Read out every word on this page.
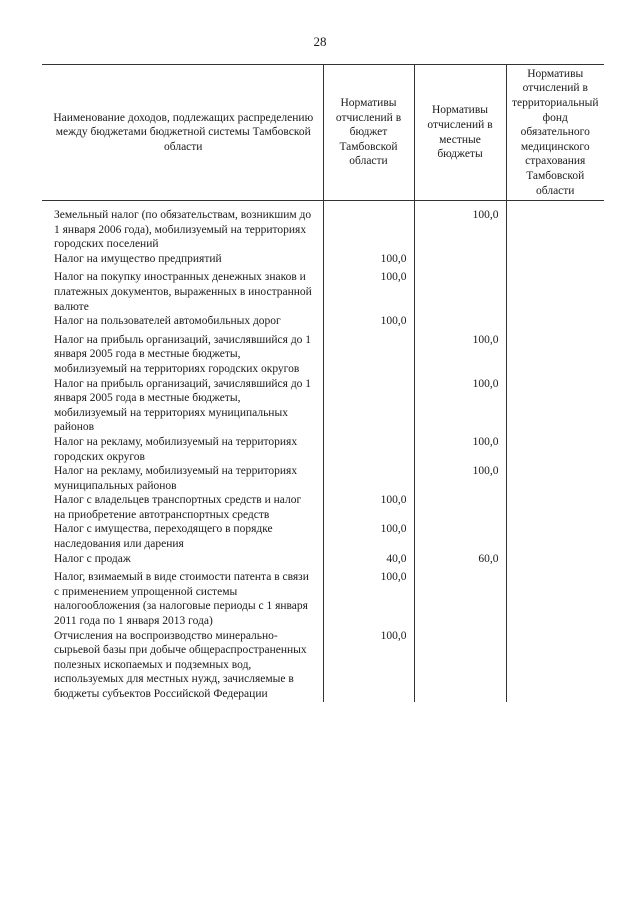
28
Наименование доходов, подлежащих распределению между бюджетами бюджетной системы Тамбовской области	Нормативы отчислений в бюджет Тамбовской области	Нормативы отчислений в местные бюджеты	Нормативы отчислений в территориальный фонд обязательного медицинского страхования Тамбовской области

Земельный налог (по обязательствам, возникшим до 1 января 2006 года), мобилизуемый на территориях городских поселений		100,0	

Налог на имущество предприятий	100,0		

Налог на покупку иностранных денежных знаков и платежных документов, выраженных в иностранной валюте	100,0		

Налог на пользователей автомобильных дорог	100,0		

Налог на прибыль организаций, зачислявшийся до 1 января 2005 года в местные бюджеты, мобилизуемый на территориях городских округов		100,0	

Налог на прибыль организаций, зачислявшийся до 1 января 2005 года в местные бюджеты, мобилизуемый на территориях муниципальных районов		100,0	

Налог на рекламу, мобилизуемый на территориях городских округов		100,0	

Налог на рекламу, мобилизуемый на территориях муниципальных районов		100,0	

Налог с владельцев транспортных средств и налог на приобретение автотранспортных средств	100,0		

Налог с имущества, переходящего в порядке наследования или дарения	100,0		

Налог с продаж	40,0	60,0	

Налог, взимаемый в виде стоимости патента в связи с применением упрощенной системы налогообложения (за налоговые периоды с 1 января 2011 года по 1 января 2013 года)	100,0		

Отчисления на воспроизводство минерально-сырьевой базы при добыче общераспространенных полезных ископаемых и подземных вод, используемых для местных нужд, зачисляемые в бюджеты субъектов Российской Федерации	100,0		
